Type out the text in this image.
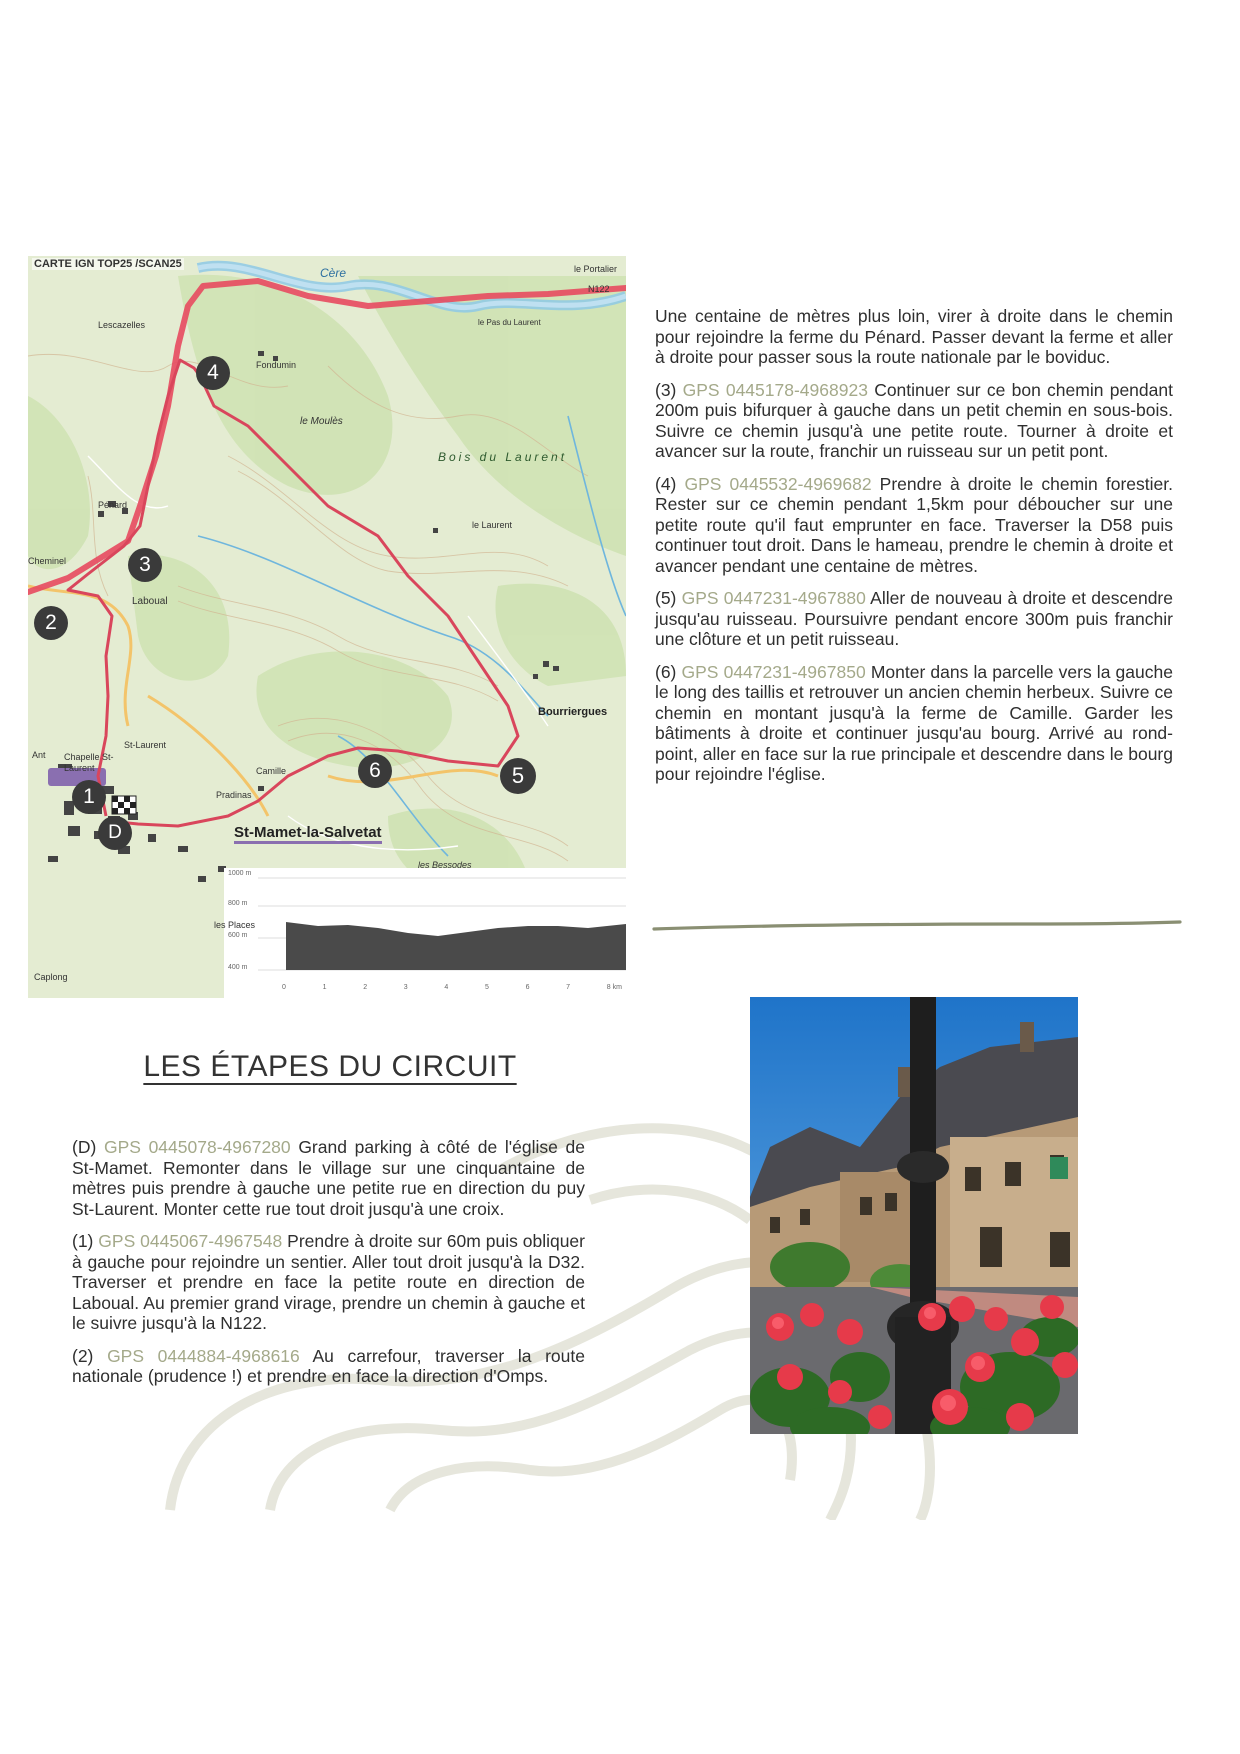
CARTE IGN TOP25 /SCAN25	le Portalier
N122
Lescazelles
Fondumin
le Moulès
Bois du Laurent
le Pas du Laurent
Pénard
Cheminel
Laboual
le Laurent
Bourriergues
Chapelle St-Laurent
St-Laurent
Camille
Pradinas
St-Mamet-la-Salvetat
les Bessodes
les Places
Caplong
Ant
Cère
4
3
2
6	5
1
D
1000 m
800 m
600 m
400 m
0	1	2	3	4	5	6	7	8 km

Une centaine de mètres plus loin, virer à droite dans le chemin pour rejoindre la ferme du Pénard. Passer devant la ferme et aller à droite pour passer sous la route nationale par le boviduc.

(3) GPS 0445178-4968923 Continuer sur ce bon chemin pendant 200m puis bifurquer à gauche dans un petit chemin en sous-bois. Suivre ce chemin jusqu'à une petite route. Tourner à droite et avancer sur la route, franchir un ruisseau sur un petit pont.

(4) GPS 0445532-4969682 Prendre à droite le chemin forestier. Rester sur ce chemin pendant 1,5km pour déboucher sur une petite route qu'il faut emprunter en face. Traverser la D58 puis continuer tout droit. Dans le hameau, prendre le chemin à droite et avancer pendant une centaine de mètres.

(5) GPS 0447231-4967880 Aller de nouveau à droite et descendre jusqu'au ruisseau. Poursuivre pendant encore 300m puis franchir une clôture et un petit ruisseau.

(6) GPS 0447231-4967850 Monter dans la parcelle vers la gauche le long des taillis et retrouver un ancien chemin herbeux. Suivre ce chemin en montant jusqu'à la ferme de Camille. Garder les bâtiments à droite et continuer jusqu'au bourg. Arrivé au rond-point, aller en face sur la rue principale et descendre dans le bourg pour rejoindre l'église.

LES ÉTAPES DU CIRCUIT

(D) GPS 0445078-4967280 Grand parking à côté de l'église de St-Mamet. Remonter dans le village sur une cinquantaine de mètres puis prendre à gauche une petite rue en direction du puy St-Laurent. Monter cette rue tout droit jusqu'à une croix.

(1) GPS 0445067-4967548 Prendre à droite sur 60m puis obliquer à gauche pour rejoindre un sentier. Aller tout droit jusqu'à la D32. Traverser et prendre en face la petite route en direction de Laboual. Au premier grand virage, prendre un chemin à gauche et le suivre jusqu'à la N122.

(2) GPS 0444884-4968616 Au carrefour, traverser la route nationale (prudence !) et prendre en face la direction d'Omps.
